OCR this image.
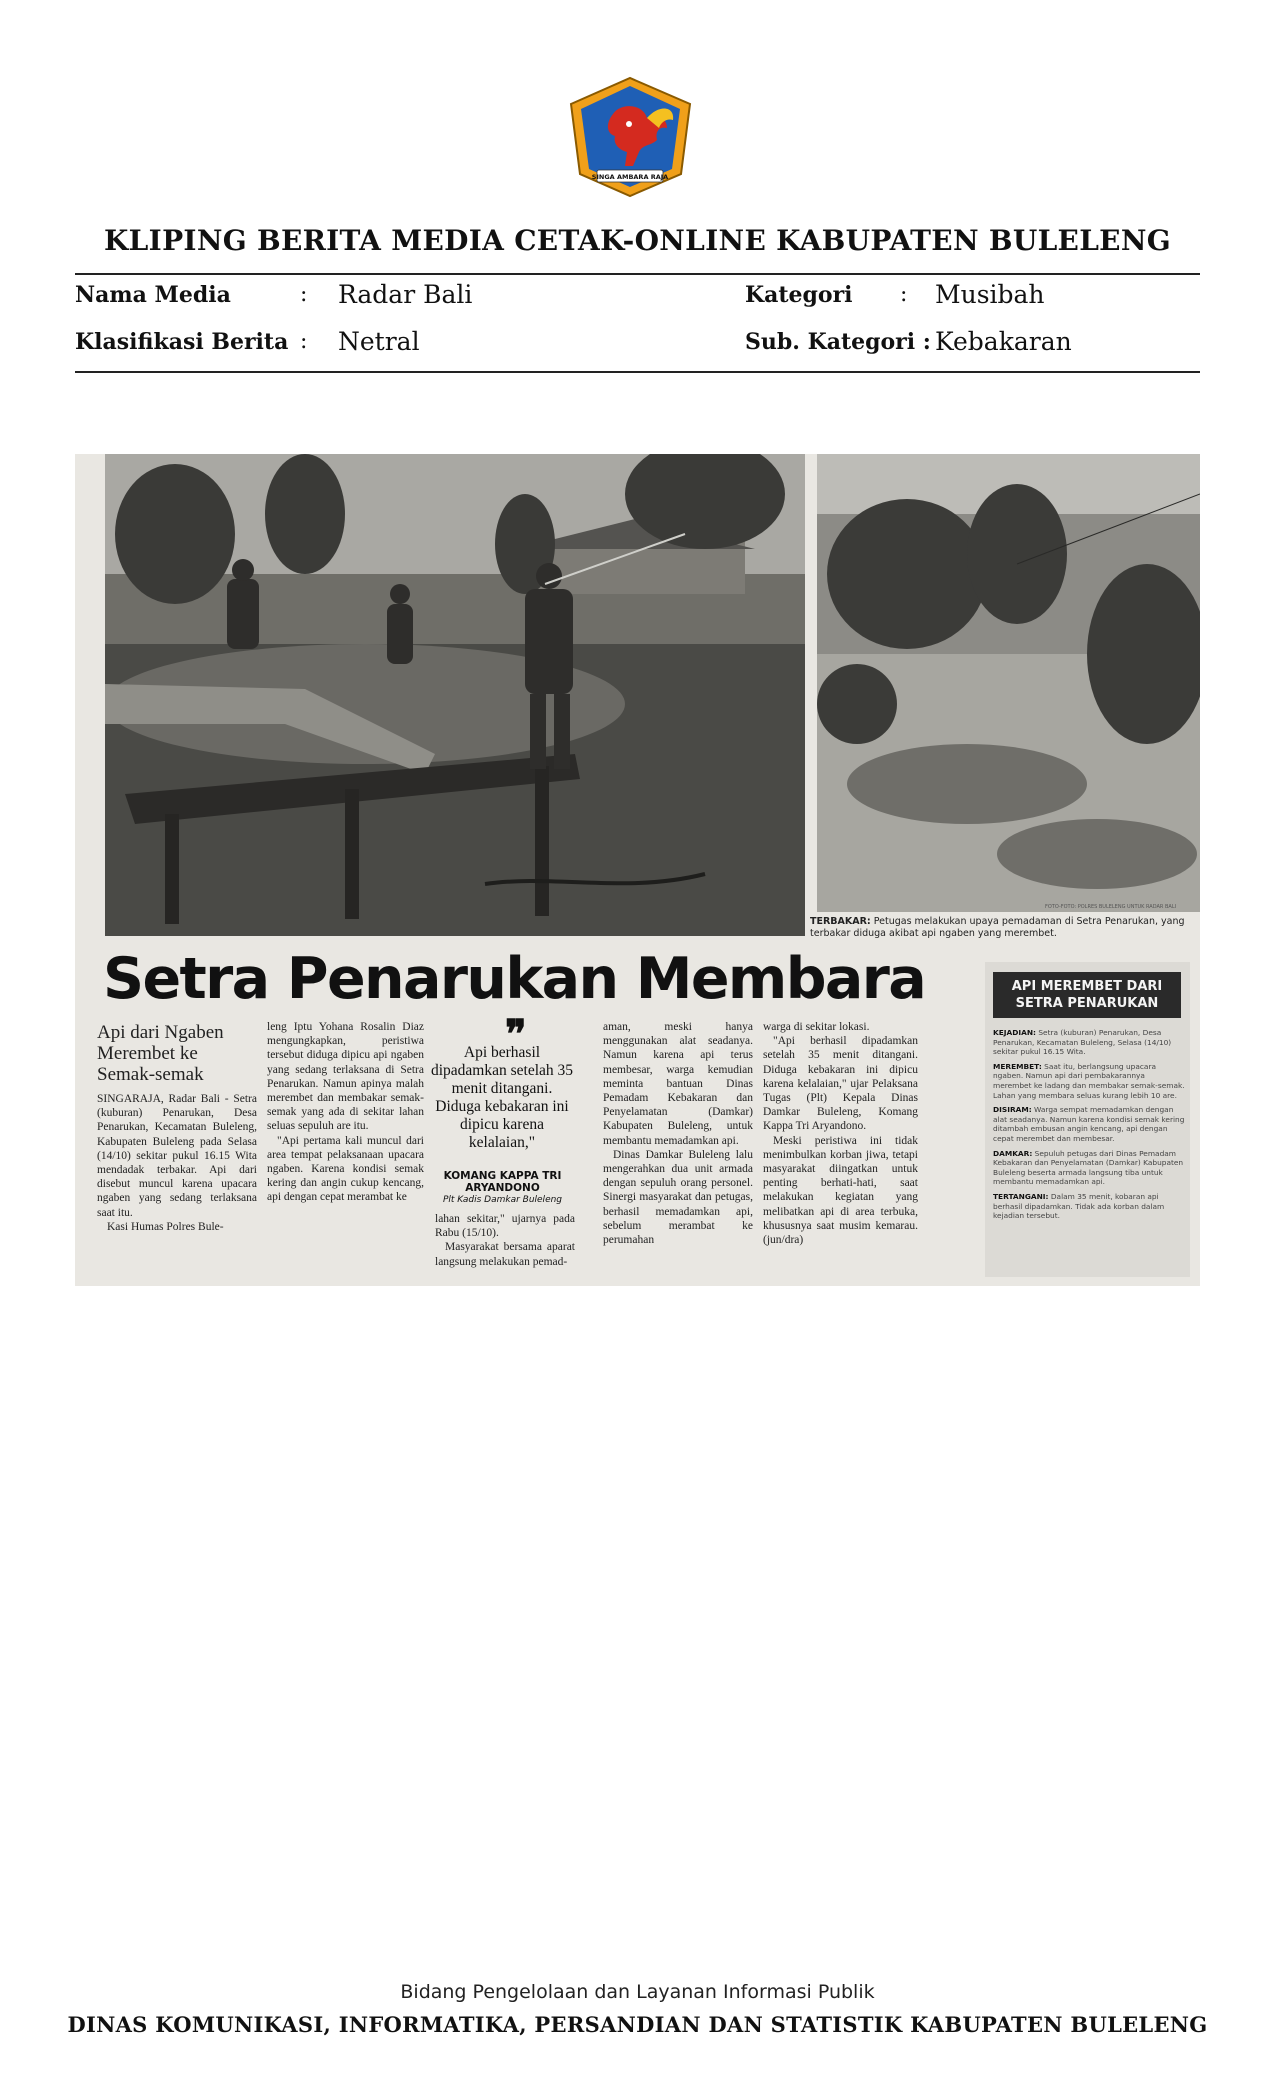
SINGA AMBARA RAJA
KLIPING BERITA MEDIA CETAK-ONLINE KABUPATEN BULELENG
Nama Media	: Radar Bali	Kategori : Musibah
Klasifikasi Berita : Netral	Sub. Kategori : Kebakaran
FOTO-FOTO: POLRES BULELENG UNTUK RADAR BALI
TERBAKAR: Petugas melakukan upaya pemadaman di Setra Penarukan, yang terbakar diduga akibat api ngaben yang merembet.
Setra Penarukan Membara
Api dari Ngaben Merembet ke Semak-semak

SINGARAJA, Radar Bali - Setra (kuburan) Penarukan, Desa Penarukan, Kecamatan Buleleng, Kabupaten Buleleng pada Selasa (14/10) sekitar pukul 16.15 Wita mendadak terbakar. Api dari disebut muncul karena upacara ngaben yang sedang terlaksana saat itu.

Kasi Humas Polres Bule-

leng Iptu Yohana Rosalin Diaz mengungkapkan, peristiwa tersebut diduga dipicu api ngaben yang sedang terlaksana di Setra Penarukan. Namun apinya malah merembet dan membakar semak-semak yang ada di sekitar lahan seluas sepuluh are itu.

"Api pertama kali muncul dari area tempat pelaksanaan upacara ngaben. Karena kondisi semak kering dan angin cukup kencang, api dengan cepat merambat ke

❞
Api berhasil dipadamkan setelah 35 menit ditangani. Diduga kebakaran ini dipicu karena kelalaian,"
KOMANG KAPPA TRI ARYANDONO
Plt Kadis Damkar Buleleng

lahan sekitar," ujarnya pada Rabu (15/10).

Masyarakat bersama aparat langsung melakukan pemad-

aman, meski hanya menggunakan alat seadanya. Namun karena api terus membesar, warga kemudian meminta bantuan Dinas Pemadam Kebakaran dan Penyelamatan (Damkar) Kabupaten Buleleng, untuk membantu memadamkan api.

Dinas Damkar Buleleng lalu mengerahkan dua unit armada dengan sepuluh orang personel. Sinergi masyarakat dan petugas, berhasil memadamkan api, sebelum merambat ke perumahan

warga di sekitar lokasi.

"Api berhasil dipadamkan setelah 35 menit ditangani. Diduga kebakaran ini dipicu karena kelalaian," ujar Pelaksana Tugas (Plt) Kepala Dinas Damkar Buleleng, Komang Kappa Tri Aryandono.

Meski peristiwa ini tidak menimbulkan korban jiwa, tetapi masyarakat diingatkan untuk penting berhati-hati, saat melakukan kegiatan yang melibatkan api di area terbuka, khususnya saat musim kemarau. (jun/dra)

API MEREMBET DARI SETRA PENARUKAN
KEJADIAN: Setra (kuburan) Penarukan, Desa Penarukan, Kecamatan Buleleng, Selasa (14/10) sekitar pukul 16.15 Wita.
MEREMBET: Saat itu, berlangsung upacara ngaben. Namun api dari pembakarannya merembet ke ladang dan membakar semak-semak. Lahan yang membara seluas kurang lebih 10 are.
DISIRAM: Warga sempat memadamkan dengan alat seadanya. Namun karena kondisi semak kering ditambah embusan angin kencang, api dengan cepat merembet dan membesar.
DAMKAR: Sepuluh petugas dari Dinas Pemadam Kebakaran dan Penyelamatan (Damkar) Kabupaten Buleleng beserta armada langsung tiba untuk membantu memadamkan api.
TERTANGANI: Dalam 35 menit, kobaran api berhasil dipadamkan. Tidak ada korban dalam kejadian tersebut.
Bidang Pengelolaan dan Layanan Informasi Publik
DINAS KOMUNIKASI, INFORMATIKA, PERSANDIAN DAN STATISTIK KABUPATEN BULELENG
